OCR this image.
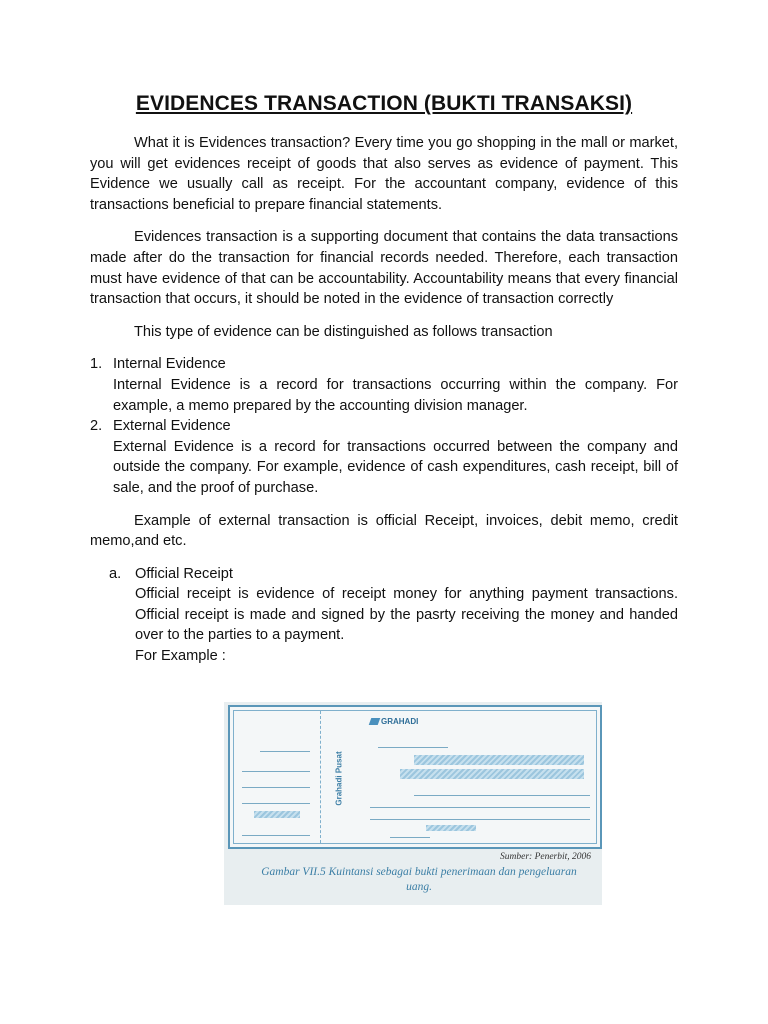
EVIDENCES TRANSACTION (BUKTI TRANSAKSI)

What it is Evidences transaction? Every time you go shopping in the mall or market, you will get evidences receipt of goods that also serves as evidence of payment. This Evidence we usually call as receipt. For the accountant company, evidence of this transactions beneficial to prepare financial statements.

Evidences transaction is a supporting document that contains the data transactions made after do the transaction for financial records needed. Therefore, each transaction must have evidence of that can be accountability. Accountability means that every financial transaction that occurs, it should be noted in the evidence of transaction correctly

This type of evidence can be distinguished as follows transaction

1. Internal Evidence
Internal Evidence is a record for transactions occurring within the company. For example, a memo prepared by the accounting division manager.
2. External Evidence
External Evidence is a record for transactions occurred between the company and outside the company. For example, evidence of cash expenditures, cash receipt, bill of sale, and the proof of purchase.

Example of external transaction is official Receipt, invoices, debit memo, credit memo,and etc.

a. Official Receipt
Official receipt is evidence of receipt money for anything payment transactions. Official receipt is made and signed by the pasrty receiving the money and handed over to the parties to a payment.
For Example :
Grahadi Pusat
GRAHADI
Sumber: Penerbit, 2006
Gambar VII.5 Kuintansi sebagai bukti penerimaan dan pengeluaran uang.
